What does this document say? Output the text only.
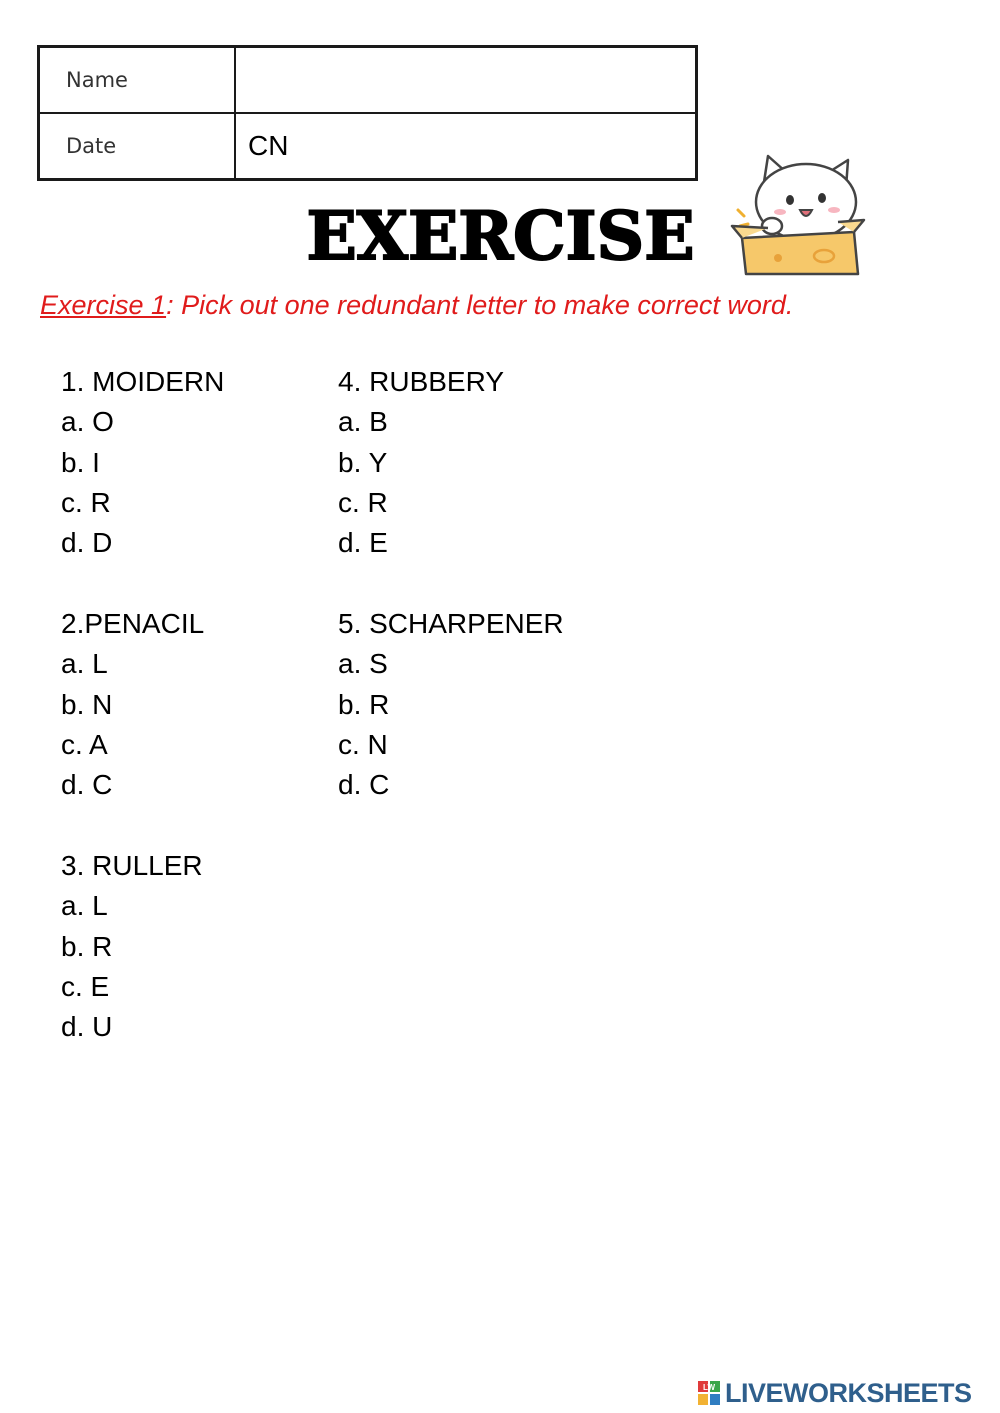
Name	
Date	CN
EXERCISE
Exercise 1: Pick out one redundant letter to make correct word.
1. MOIDERN
a. O
b. I
c. R
d. D
2.PENACIL
a. L
b. N
c. A
d. C
3. RULLER
a. L
b. R
c. E
d. U
4. RUBBERY
a. B
b. Y
c. R
d. E
5. SCHARPENER
a. S
b. R
c. N
d. C
LW LIVEWORKSHEETS
